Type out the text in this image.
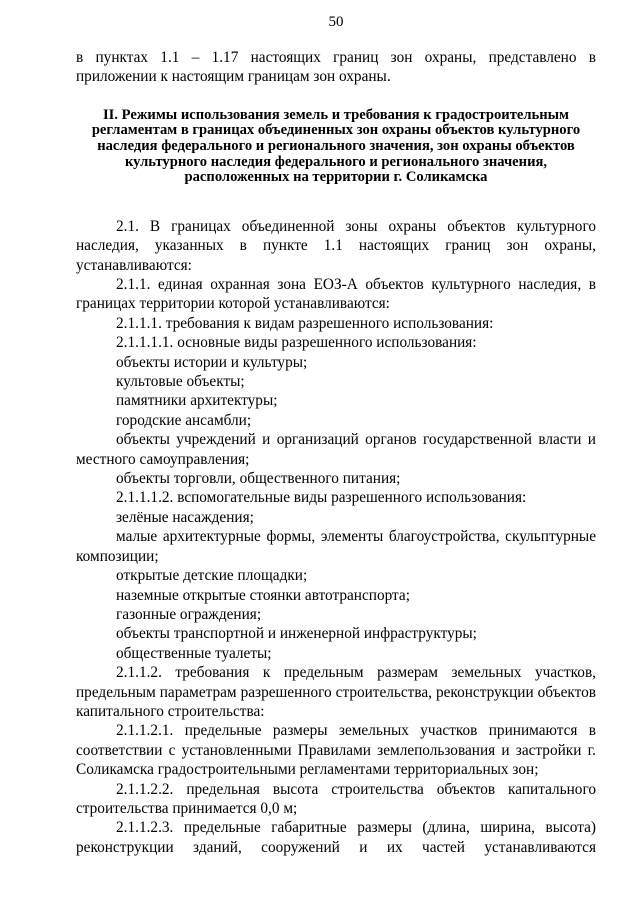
50

в пунктах 1.1 – 1.17 настоящих границ зон охраны, представлено в приложении к настоящим границам зон охраны.

II. Режимы использования земель и требования к градостроительным регламентам в границах объединенных зон охраны объектов культурного наследия федерального и регионального значения, зон охраны объектов культурного наследия федерального и регионального значения, расположенных на территории г. Соликамска

2.1. В границах объединенной зоны охраны объектов культурного наследия, указанных в пункте 1.1 настоящих границ зон охраны, устанавливаются:

2.1.1. единая охранная зона ЕОЗ-А объектов культурного наследия, в границах территории которой устанавливаются:

2.1.1.1. требования к видам разрешенного использования:

2.1.1.1.1. основные виды разрешенного использования:

объекты истории и культуры;

культовые объекты;

памятники архитектуры;

городские ансамбли;

объекты учреждений и организаций органов государственной власти и местного самоуправления;

объекты торговли, общественного питания;

2.1.1.1.2. вспомогательные виды разрешенного использования:

зелёные насаждения;

малые архитектурные формы, элементы благоустройства, скульптурные композиции;

открытые детские площадки;

наземные открытые стоянки автотранспорта;

газонные ограждения;

объекты транспортной и инженерной инфраструктуры;

общественные туалеты;

2.1.1.2. требования к предельным размерам земельных участков, предельным параметрам разрешенного строительства, реконструкции объектов капитального строительства:

2.1.1.2.1. предельные размеры земельных участков принимаются в соответствии с установленными Правилами землепользования и застройки г. Соликамска градостроительными регламентами территориальных зон;

2.1.1.2.2. предельная высота строительства объектов капитального строительства принимается 0,0 м;

2.1.1.2.3. предельные габаритные размеры (длина, ширина, высота) реконструкции зданий, сооружений и их частей устанавливаются
